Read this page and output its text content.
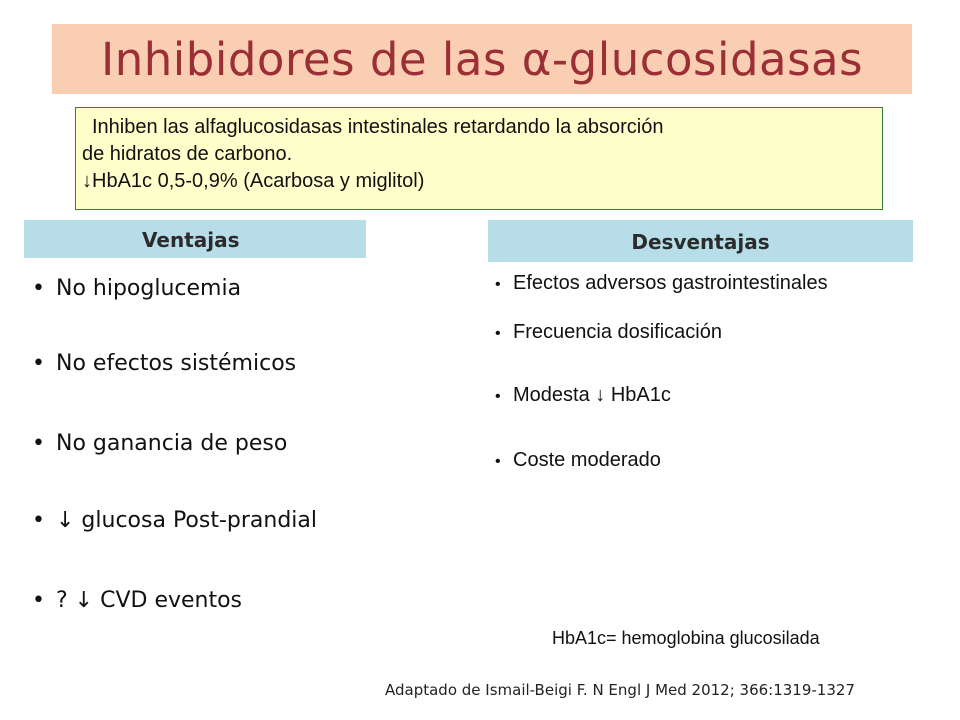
Inhibidores de las α-glucosidasas
Inhiben las alfaglucosidasas intestinales retardando la absorción
de hidratos de carbono.
↓HbA1c 0,5-0,9% (Acarbosa y miglitol)
Ventajas	Desventajas
• No hipoglucemia
• No efectos sistémicos
• No ganancia de peso
• ↓ glucosa Post-prandial
• ? ↓ CVD eventos
• Efectos adversos gastrointestinales
• Frecuencia dosificación
• Modesta ↓ HbA1c
• Coste moderado
HbA1c= hemoglobina glucosilada
Adaptado de Ismail-Beigi F. N Engl J Med 2012; 366:1319-1327
